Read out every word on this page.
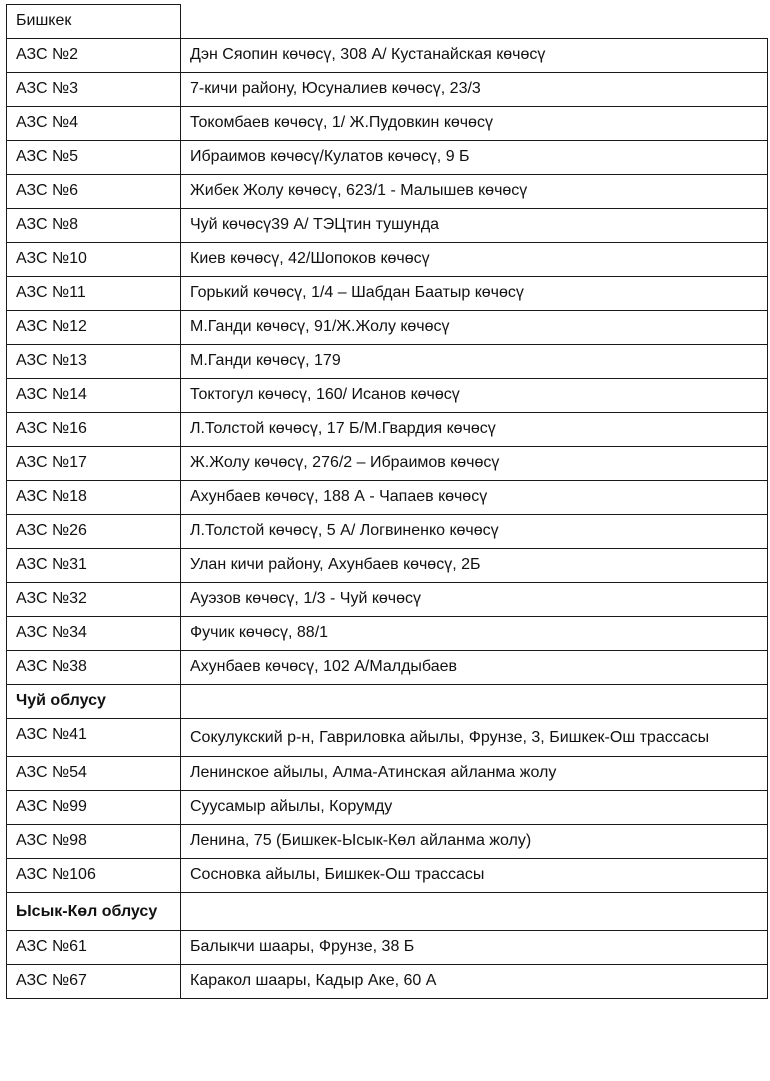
Бишкек	
АЗС №2	Дэн Сяопин көчөсү, 308 А/ Кустанайская көчөсү
АЗС №3	7-кичи району, Юсуналиев көчөсү, 23/3
АЗС №4	Токомбаев көчөсү, 1/ Ж.Пудовкин көчөсү
АЗС №5	Ибраимов көчөсү/Кулатов көчөсү, 9 Б
АЗС №6	Жибек Жолу көчөсү, 623/1 - Малышев көчөсү
АЗС №8	Чуй көчөсү39 А/ ТЭЦтин тушунда
АЗС №10	Киев көчөсү, 42/Шопоков көчөсү
АЗС №11	Горький көчөсү, 1/4 – Шабдан Баатыр көчөсү
АЗС №12	М.Ганди көчөсү, 91/Ж.Жолу көчөсү
АЗС №13	М.Ганди көчөсү, 179
АЗС №14	Токтогул көчөсү, 160/ Исанов көчөсү
АЗС №16	Л.Толстой көчөсү, 17 Б/М.Гвардия көчөсү
АЗС №17	Ж.Жолу көчөсү, 276/2 – Ибраимов көчөсү
АЗС №18	Ахунбаев көчөсү, 188 А - Чапаев көчөсү
АЗС №26	Л.Толстой көчөсү, 5 А/ Логвиненко көчөсү
АЗС №31	Улан кичи району, Ахунбаев көчөсү, 2Б
АЗС №32	Ауэзов көчөсү, 1/3 - Чуй көчөсү
АЗС №34	Фучик көчөсү, 88/1
АЗС №38	Ахунбаев көчөсү, 102 А/Малдыбаев
Чуй облусу	
АЗС №41	Сокулукский р-н, Гавриловка айылы, Фрунзе, 3, Бишкек-Ош трассасы
АЗС №54	Ленинское айылы, Алма-Атинская айланма жолу
АЗС №99	Суусамыр айылы, Корумду
АЗС №98	Ленина, 75 (Бишкек-Ысык-Көл айланма жолу)
АЗС №106	Сосновка айылы, Бишкек-Ош трассасы
Ысык-Көл облусу	
АЗС №61	Балыкчи шаары, Фрунзе, 38 Б
АЗС №67	Каракол шаары, Кадыр Аке, 60 А
